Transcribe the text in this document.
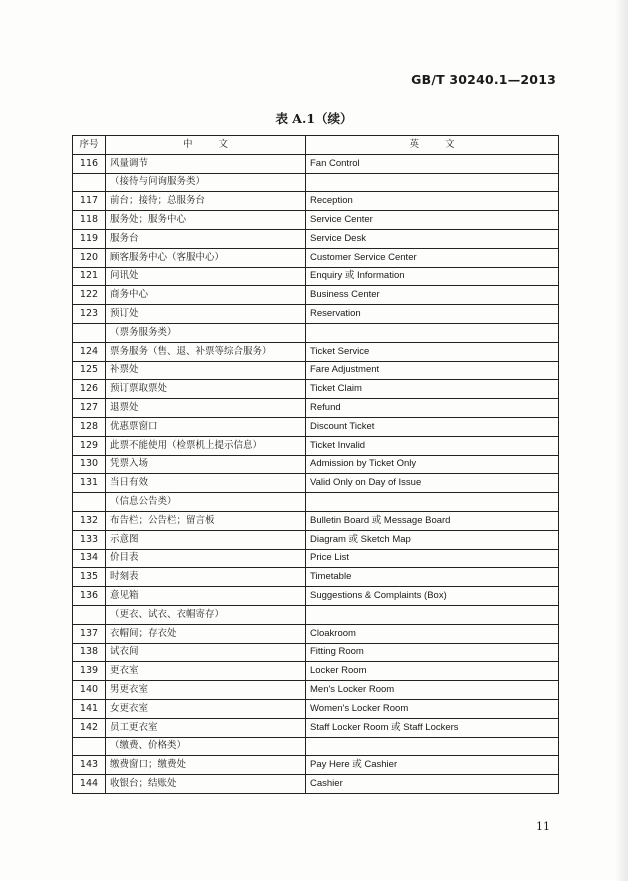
GB/T 30240.1—2013
表 A.1（续）
序号	中文	英文
116	风量调节	Fan Control
	（接待与问询服务类）	
117	前台；接待；总服务台	Reception
118	服务处；服务中心	Service Center
119	服务台	Service Desk
120	顾客服务中心（客服中心）	Customer Service Center
121	问讯处	Enquiry 或 Information
122	商务中心	Business Center
123	预订处	Reservation
	（票务服务类）	
124	票务服务（售、退、补票等综合服务）	Ticket Service
125	补票处	Fare Adjustment
126	预订票取票处	Ticket Claim
127	退票处	Refund
128	优惠票窗口	Discount Ticket
129	此票不能使用（检票机上提示信息）	Ticket Invalid
130	凭票入场	Admission by Ticket Only
131	当日有效	Valid Only on Day of Issue
	（信息公告类）	
132	布告栏；公告栏；留言板	Bulletin Board 或 Message Board
133	示意图	Diagram 或 Sketch Map
134	价目表	Price List
135	时刻表	Timetable
136	意见箱	Suggestions & Complaints (Box)
	（更衣、试衣、衣帽寄存）	
137	衣帽间；存衣处	Cloakroom
138	试衣间	Fitting Room
139	更衣室	Locker Room
140	男更衣室	Men's Locker Room
141	女更衣室	Women's Locker Room
142	员工更衣室	Staff Locker Room 或 Staff Lockers
	（缴费、价格类）	
143	缴费窗口；缴费处	Pay Here 或 Cashier
144	收银台；结账处	Cashier
11
